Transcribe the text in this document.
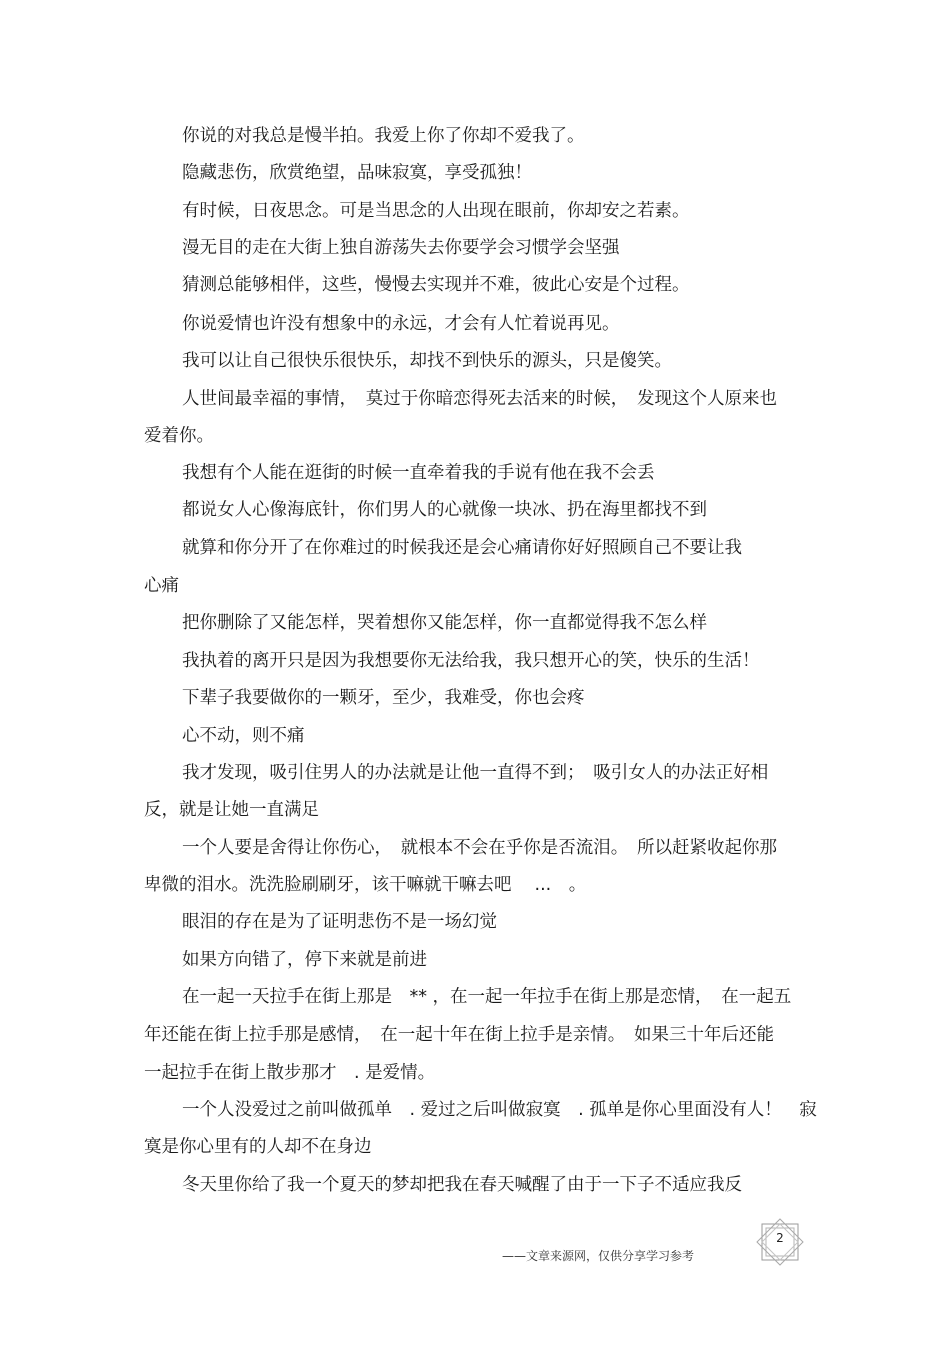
你说的对我总是慢半拍。我爱上你了你却不爱我了。
隐藏悲伤，欣赏绝望，品味寂寞，享受孤独！
有时候，日夜思念。可是当思念的人出现在眼前，你却安之若素。
漫无目的走在大街上独自游荡失去你要学会习惯学会坚强
猜测总能够相伴，这些，慢慢去实现并不难，彼此心安是个过程。
你说爱情也许没有想象中的永远，才会有人忙着说再见。
我可以让自己很快乐很快乐，却找不到快乐的源头，只是傻笑。
人世间最幸福的事情，　莫过于你暗恋得死去活来的时候，　发现这个人原来也
爱着你。
我想有个人能在逛街的时候一直牵着我的手说有他在我不会丢
都说女人心像海底针，你们男人的心就像一块冰、扔在海里都找不到
就算和你分开了在你难过的时候我还是会心痛请你好好照顾自己不要让我
心痛
把你删除了又能怎样，哭着想你又能怎样，你一直都觉得我不怎么样
我执着的离开只是因为我想要你无法给我，我只想开心的笑，快乐的生活！
下辈子我要做你的一颗牙，至少，我难受，你也会疼
心不动，则不痛
我才发现，吸引住男人的办法就是让他一直得不到；　吸引女人的办法正好相
反，就是让她一直满足
一个人要是舍得让你伤心，　就根本不会在乎你是否流泪。　所以赶紧收起你那
卑微的泪水。洗洗脸刷刷牙，该干嘛就干嘛去吧　 ...　。
眼泪的存在是为了证明悲伤不是一场幻觉
如果方向错了，停下来就是前进
在一起一天拉手在街上那是　** ，在一起一年拉手在街上那是恋情，　在一起五
年还能在街上拉手那是感情，　在一起十年在街上拉手是亲情。　如果三十年后还能
一起拉手在街上散步那才　. 是爱情。
一个人没爱过之前叫做孤单　. 爱过之后叫做寂寞　. 孤单是你心里面没有人！　寂
寞是你心里有的人却不在身边
冬天里你给了我一个夏天的梦却把我在春天喊醒了由于一下子不适应我反
2
——文章来源网，仅供分享学习参考
